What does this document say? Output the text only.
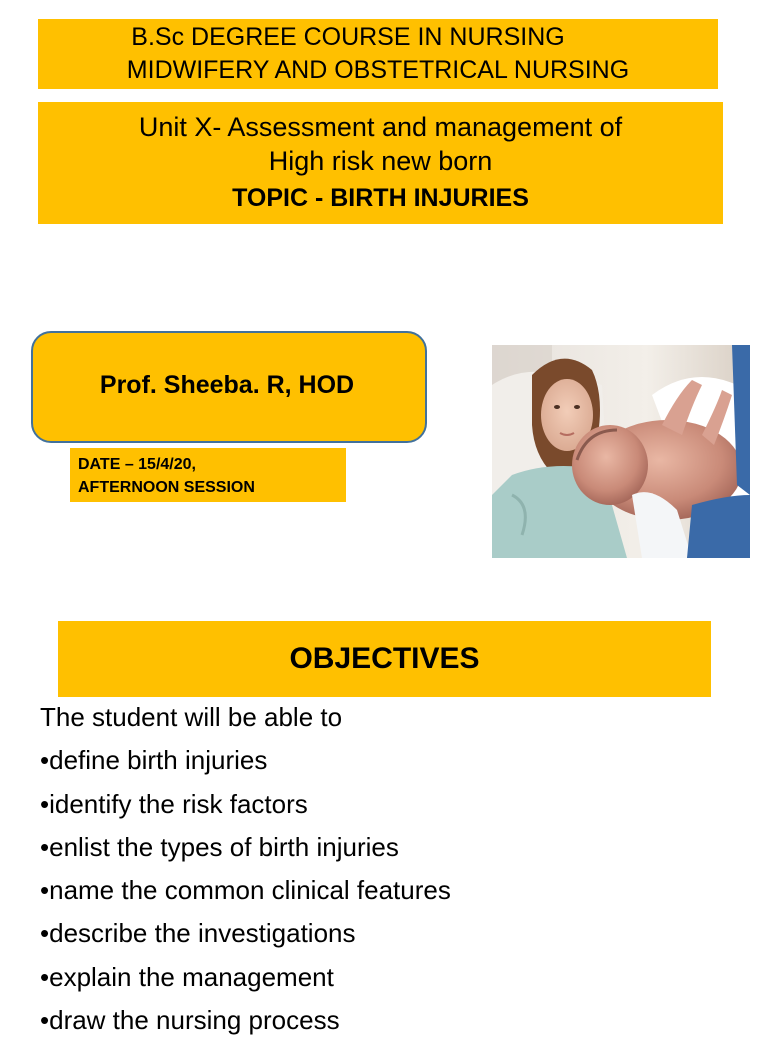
B.Sc DEGREE COURSE IN NURSING
MIDWIFERY AND OBSTETRICAL NURSING
Unit X- Assessment and management of
High risk new born
TOPIC - BIRTH INJURIES
Prof. Sheeba. R, HOD
DATE – 15/4/20,
AFTERNOON SESSION
OBJECTIVES
The student will be able to
•define birth injuries
•identify the risk factors
•enlist the types of birth injuries
•name the common clinical features
•describe the investigations
•explain the management
•draw the nursing process
